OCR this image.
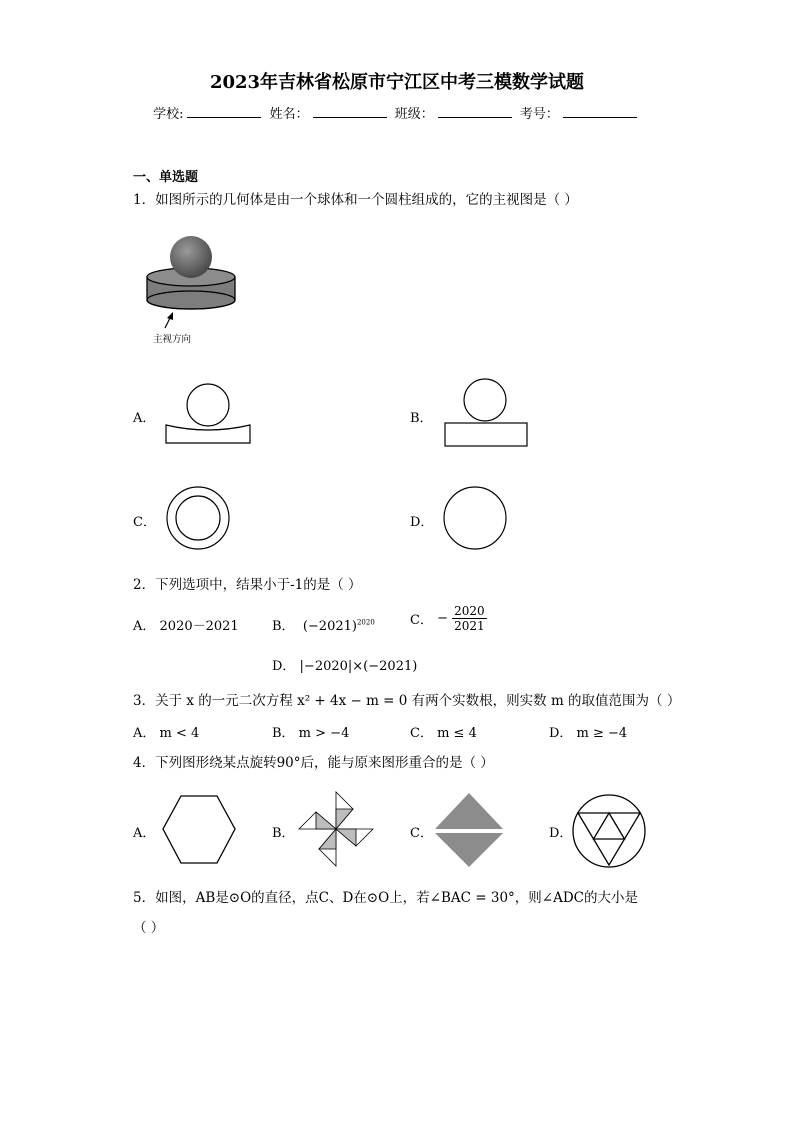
2023年吉林省松原市宁江区中考三模数学试题
学校:	姓名：	班级：	考号：
一、单选题
1．如图所示的几何体是由一个球体和一个圆柱组成的，它的主视图是（ ）
主视方向
A．	B．
C．	D．
2．下列选项中，结果小于-1的是（ ）
A． 2020－2021	B． $(-2021)^{2020}$	C． − $\frac{2020}{2021}$
D． |−2020|×(−2021)
3．关于 x 的一元二次方程 x² + 4x − m = 0 有两个实数根，则实数 m 的取值范围为（ ）
A． m < 4	B． m > −4	C． m ≤ 4	D． m ≥ −4
4．下列图形绕某点旋转90°后，能与原来图形重合的是（ ）
A．	B．	C．	D．
5．如图，AB是⊙O的直径，点C、D在⊙O上，若∠BAC = 30°，则∠ADC的大小是
（ ）
